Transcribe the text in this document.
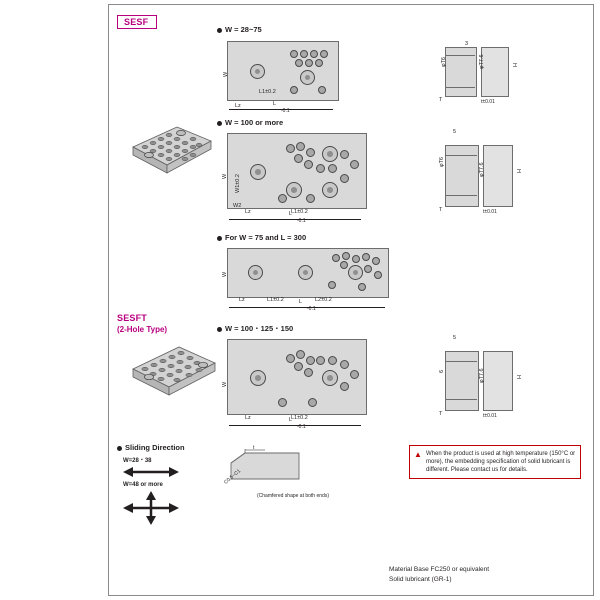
SESF
W = 28~75
W
Lz
L1±0.2
L
-0.1
φT6	φT7.6	H
T	t±0.01
3
W = 100 or more
W W1±0.2
W2
Lz	L1±0.2
L
-0.1
5
φT6
φT7.6	H
T	t±0.01
For W = 75 and L = 300
W
Lz	L1±0.2	L2±0.2
L
-0.1
SESFT
(2-Hole Type)	W = 100・125・150
W
Lz	L1±0.2
L
-0.1
5
6	φT7.6	H
T	t±0.01
Sliding Direction
W=28・38
W=48 or more
t
C0.5~C1
(Chamfered shape at both ends)
▲ When the product is used at high temperature (150°C or more), the embedding specification of solid lubricant is different. Please contact us for details.
Material Base FC250 or equivalent
Solid lubricant (GR-1)
